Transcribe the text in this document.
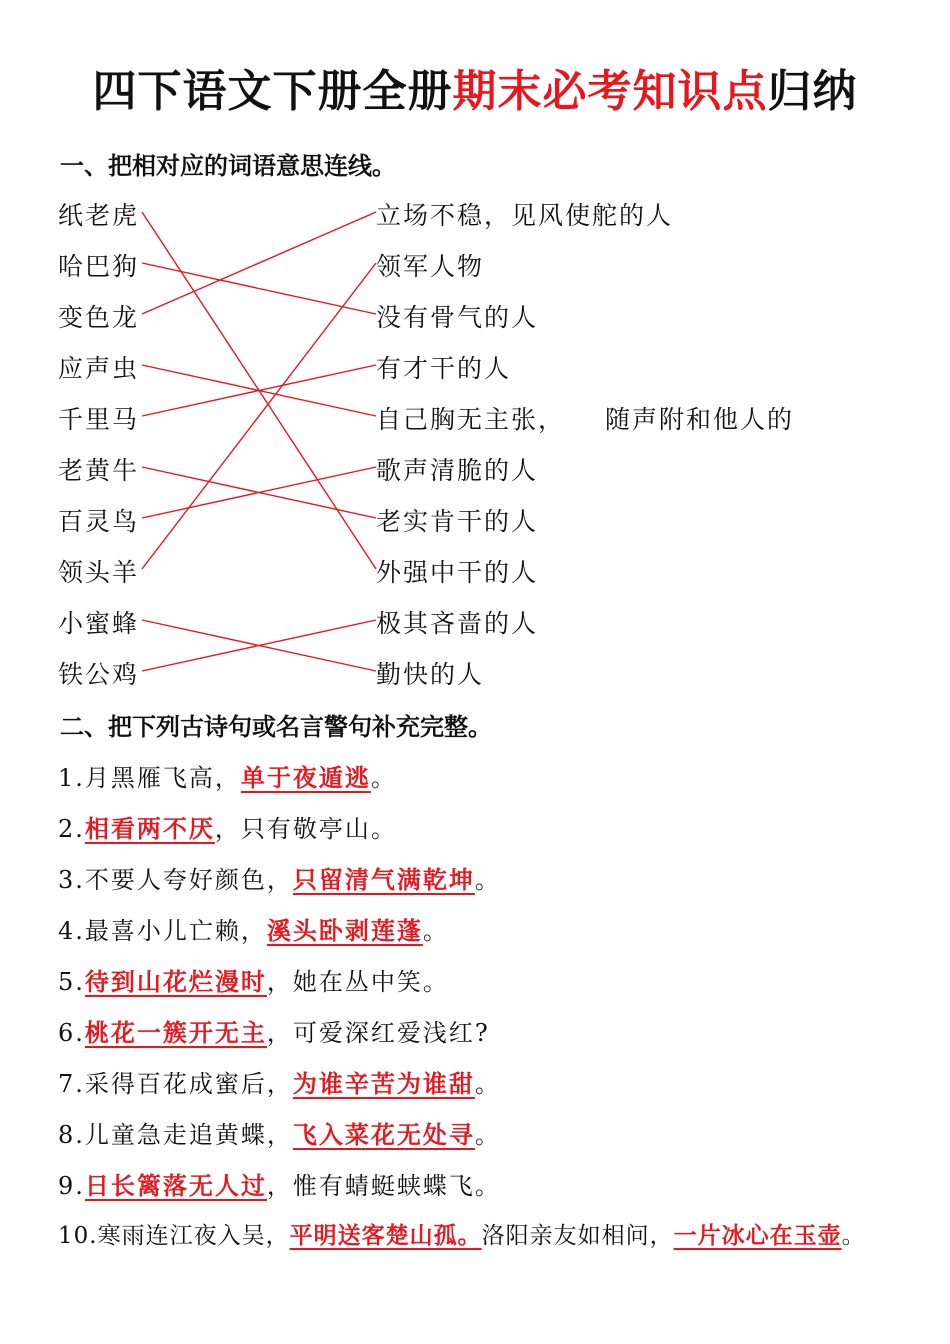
四下语文下册全册期末必考知识点归纳
一、把相对应的词语意思连线。
纸老虎
哈巴狗
变色龙
应声虫
千里马
老黄牛
百灵鸟
领头羊
小蜜蜂
铁公鸡
立场不稳，见风使舵的人
领军人物
没有骨气的人
有才干的人
自己胸无主张， 随声附和他人的
歌声清脆的人
老实肯干的人
外强中干的人
极其吝啬的人
勤快的人
二、把下列古诗句或名言警句补充完整。
1.月黑雁飞高，单于夜遁逃。
2.相看两不厌，只有敬亭山。
3.不要人夸好颜色，只留清气满乾坤。
4.最喜小儿亡赖，溪头卧剥莲蓬。
5.待到山花烂漫时，她在丛中笑。
6.桃花一簇开无主，可爱深红爱浅红?
7.采得百花成蜜后，为谁辛苦为谁甜。
8.儿童急走追黄蝶，飞入菜花无处寻。
9.日长篱落无人过，惟有蜻蜓蛱蝶飞。
10.寒雨连江夜入吴，平明送客楚山孤。洛阳亲友如相问，一片冰心在玉壶。
